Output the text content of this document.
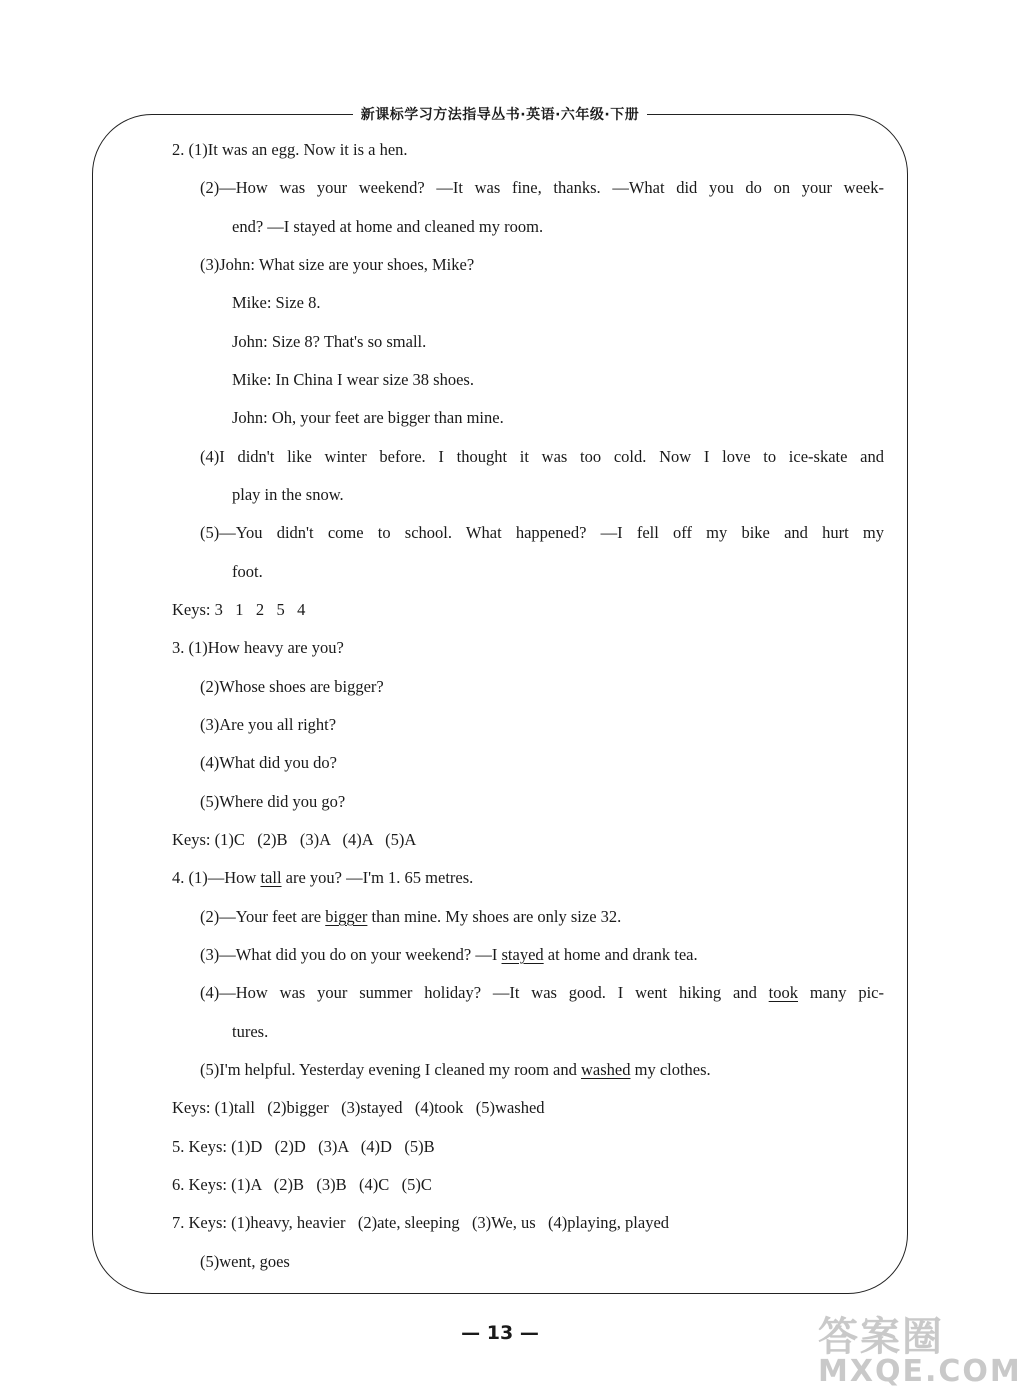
新课标学习方法指导丛书·英语·六年级·下册
2. (1)It was an egg. Now it is a hen.
(2)—How was your weekend? —It was fine, thanks. —What did you do on your week-
end? —I stayed at home and cleaned my room.
(3)John: What size are your shoes, Mike?
Mike: Size 8.
John: Size 8? That's so small.
Mike: In China I wear size 38 shoes.
John: Oh, your feet are bigger than mine.
(4)I didn't like winter before. I thought it was too cold. Now I love to ice-skate and
play in the snow.
(5)—You didn't come to school. What happened? —I fell off my bike and hurt my
foot.
Keys: 3   1   2   5   4
3. (1)How heavy are you?
(2)Whose shoes are bigger?
(3)Are you all right?
(4)What did you do?
(5)Where did you go?
Keys: (1)C   (2)B   (3)A   (4)A   (5)A
4. (1)—How tall are you? —I'm 1. 65 metres.
(2)—Your feet are bigger than mine. My shoes are only size 32.
(3)—What did you do on your weekend? —I stayed at home and drank tea.
(4)—How was your summer holiday? —It was good. I went hiking and took many pic-
tures.
(5)I'm helpful. Yesterday evening I cleaned my room and washed my clothes.
Keys: (1)tall   (2)bigger   (3)stayed   (4)took   (5)washed
5. Keys: (1)D   (2)D   (3)A   (4)D   (5)B
6. Keys: (1)A   (2)B   (3)B   (4)C   (5)C
7. Keys: (1)heavy, heavier   (2)ate, sleeping   (3)We, us   (4)playing, played
(5)went, goes
— 13 —	答案圈
MXQE.COM
